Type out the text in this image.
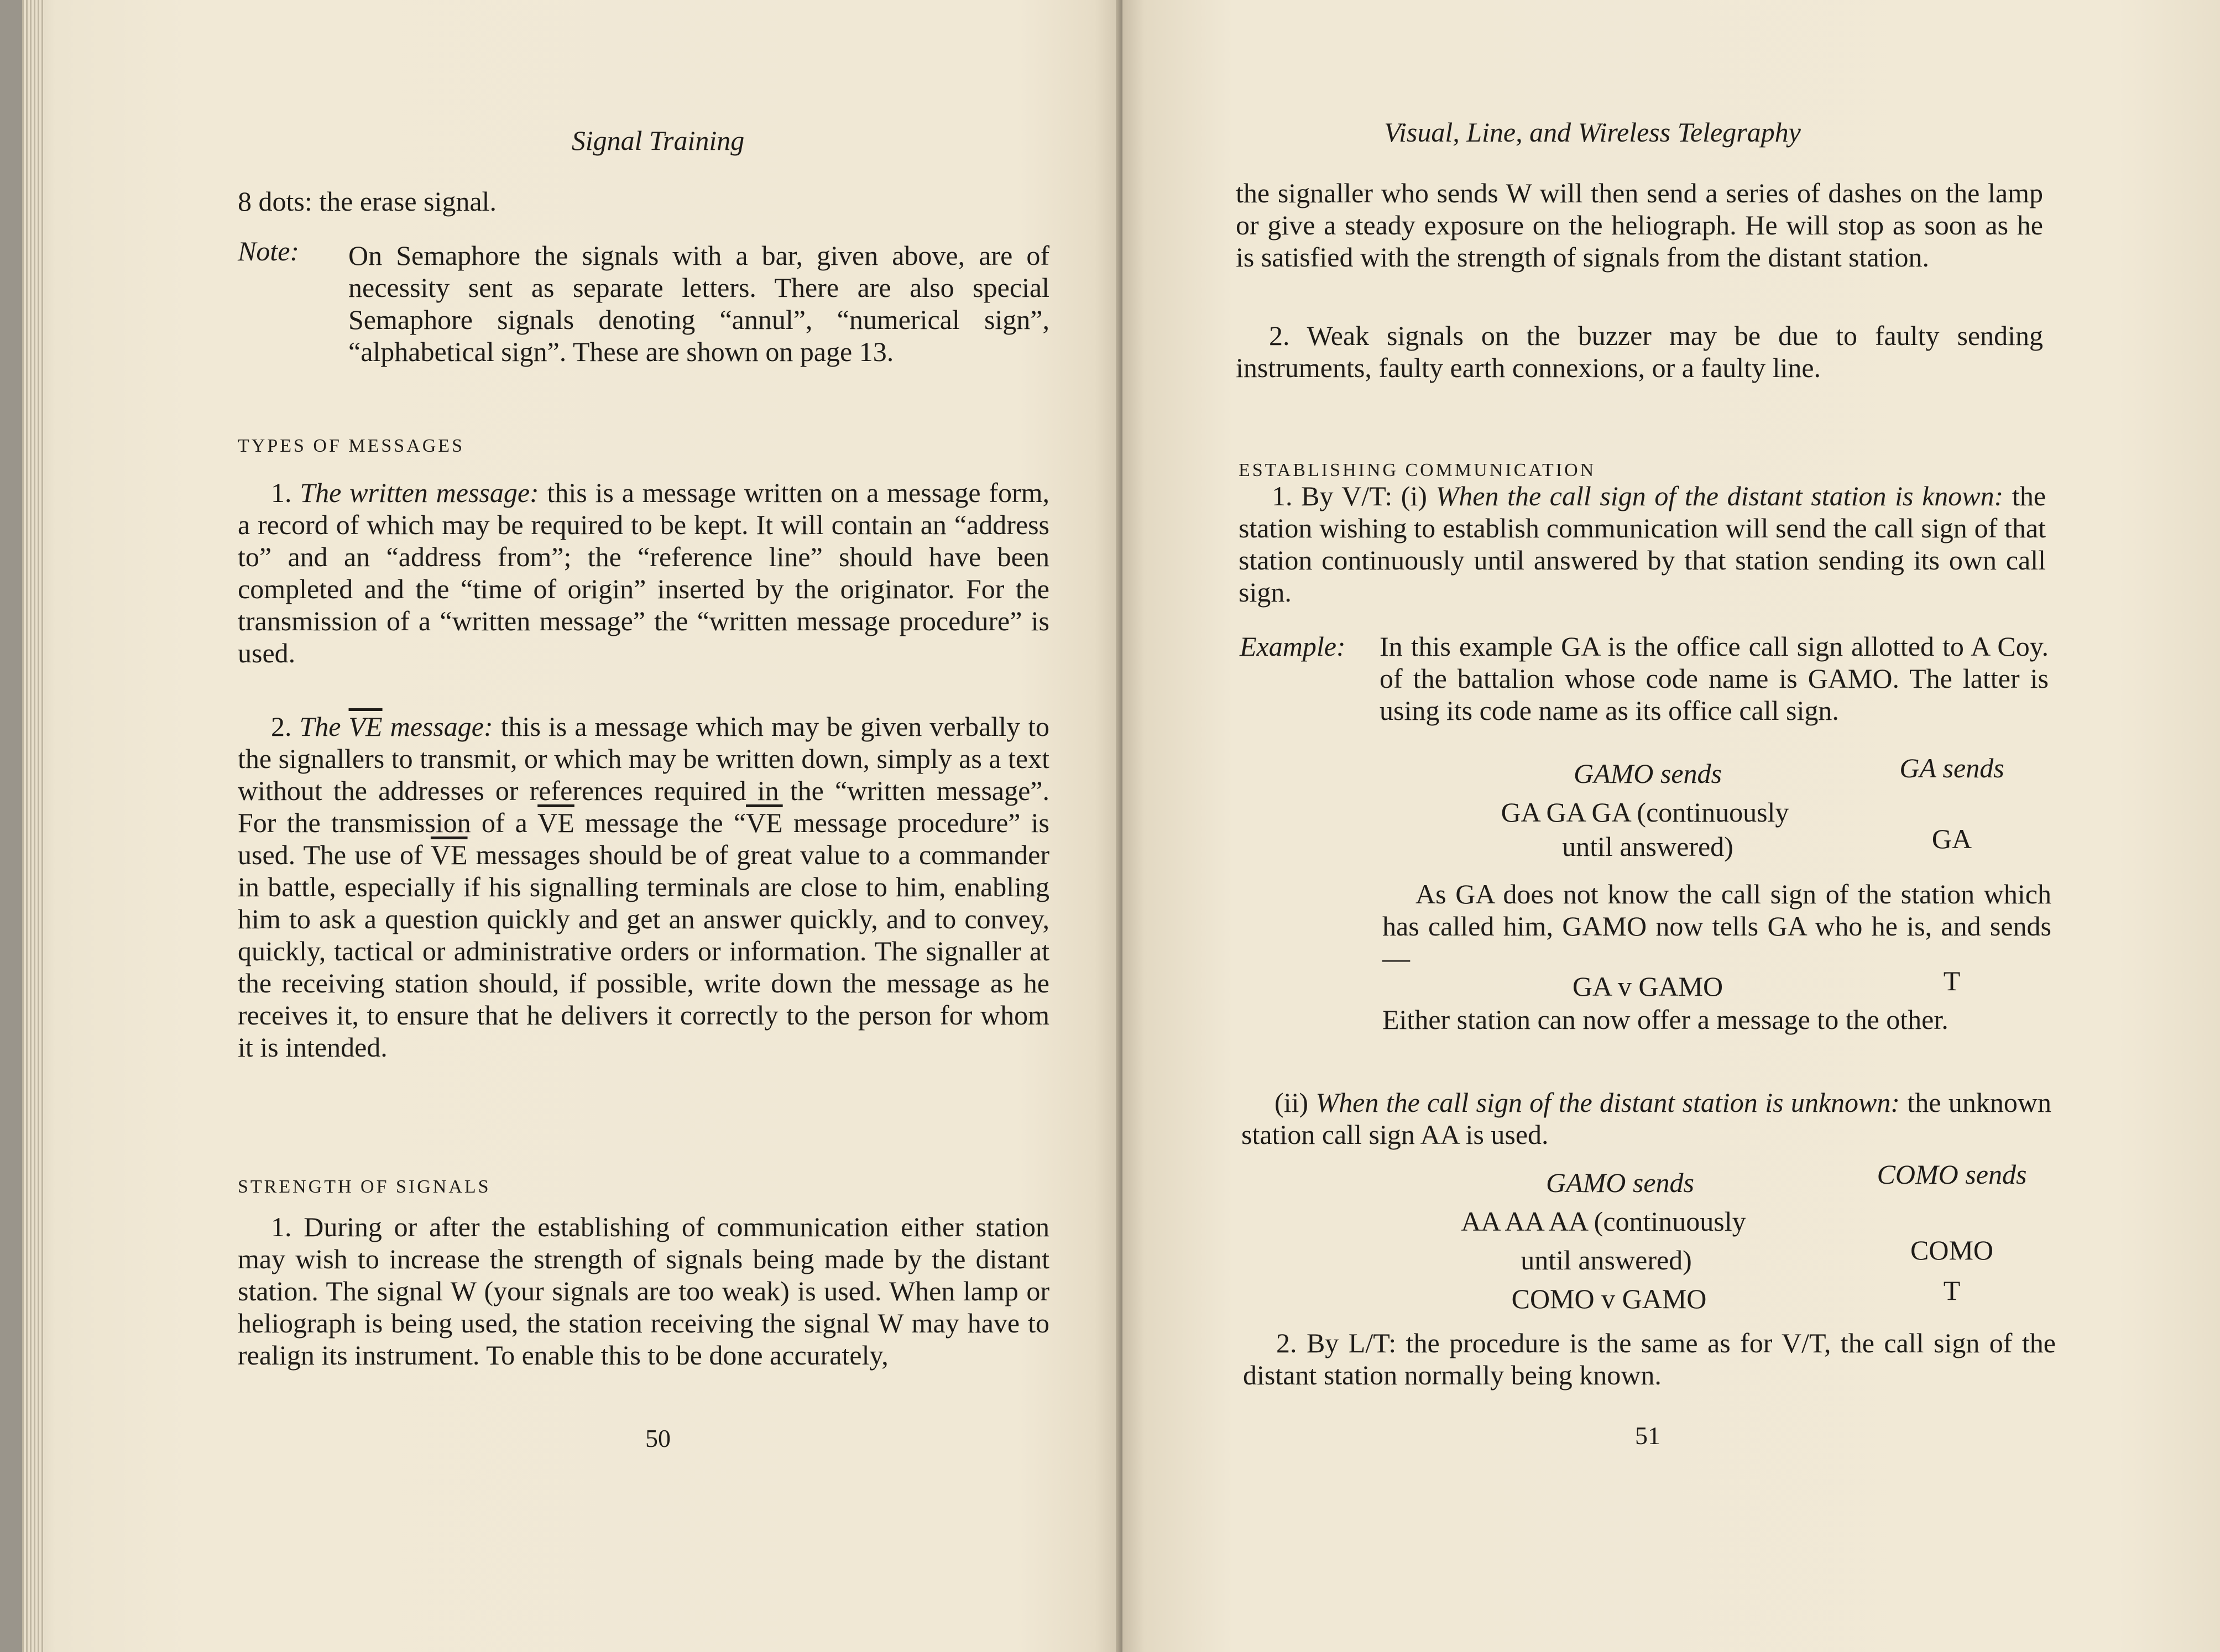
Signal Training
8 dots: the erase signal.
Note: On Semaphore the signals with a bar, given above, are of necessity sent as separate letters. There are also special Semaphore signals denoting “annul”, “numerical sign”, “alphabetical sign”. These are shown on page 13.
TYPES OF MESSAGES
1. The written message: this is a message written on a message form, a record of which may be required to be kept. It will contain an “address to” and an “address from”; the “reference line” should have been completed and the “time of origin” inserted by the originator. For the transmission of a “written message” the “written message procedure” is used.
2. The $\overline{VE}$ message: this is a message which may be given verbally to the signallers to transmit, or which may be written down, simply as a text without the addresses or references required in the “written message”. For the transmission of a $\overline{VE}$ message the “$\overline{VE}$ message procedure” is used. The use of $\overline{VE}$ messages should be of great value to a commander in battle, especially if his signalling terminals are close to him, enabling him to ask a question quickly and get an answer quickly, and to convey, quickly, tactical or administrative orders or information. The signaller at the receiving station should, if possible, write down the message as he receives it, to ensure that he delivers it correctly to the person for whom it is intended.
STRENGTH OF SIGNALS
1. During or after the establishing of communication either station may wish to increase the strength of signals being made by the distant station. The signal W (your signals are too weak) is used. When lamp or heliograph is being used, the station receiving the signal W may have to realign its instrument. To enable this to be done accurately,
50
Visual, Line, and Wireless Telegraphy
the signaller who sends W will then send a series of dashes on the lamp or give a steady exposure on the heliograph. He will stop as soon as he is satisfied with the strength of signals from the distant station.
2. Weak signals on the buzzer may be due to faulty sending instruments, faulty earth connexions, or a faulty line.
ESTABLISHING COMMUNICATION
1. By V/T: (i) When the call sign of the distant station is known: the station wishing to establish communication will send the call sign of that station continuously until answered by that station sending its own call sign.
Example: In this example GA is the office call sign allotted to A Coy. of the battalion whose code name is GAMO. The latter is using its code name as its office call sign.
GAMO sends	GA sends
GA GA GA (continuously
until answered)	GA
As GA does not know the call sign of the station which has called him, GAMO now tells GA who he is, and sends—
GA v GAMO	T
Either station can now offer a message to the other.
(ii) When the call sign of the distant station is unknown: the unknown station call sign AA is used.
GAMO sends	COMO sends
AA AA AA (continuously
until answered)	COMO
COMO v GAMO	T
2. By L/T: the procedure is the same as for V/T, the call sign of the distant station normally being known.
51
